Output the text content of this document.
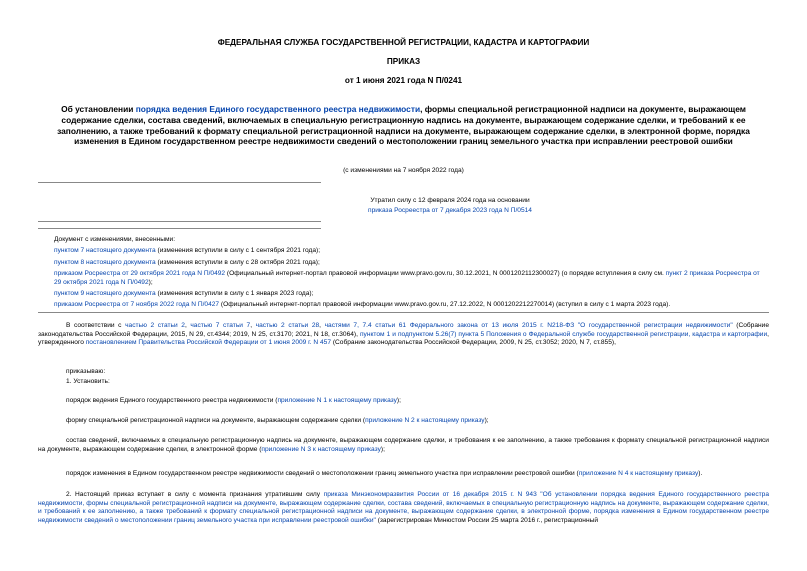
ФЕДЕРАЛЬНАЯ СЛУЖБА ГОСУДАРСТВЕННОЙ РЕГИСТРАЦИИ, КАДАСТРА И КАРТОГРАФИИ
ПРИКАЗ
от 1 июня 2021 года N П/0241
Об установлении порядка ведения Единого государственного реестра недвижимости, формы специальной регистрационной надписи на документе, выражающем содержание сделки, состава сведений, включаемых в специальную регистрационную надпись на документе, выражающем содержание сделки, и требований к ее заполнению, а также требований к формату специальной регистрационной надписи на документе, выражающем содержание сделки, в электронной форме, порядка изменения в Едином государственном реестре недвижимости сведений о местоположении границ земельного участка при исправлении реестровой ошибки
(с изменениями на 7 ноября 2022 года)
Утратил силу с 12 февраля 2024 года на основании
приказа Росреестра от 7 декабря 2023 года N П/0514

Документ с изменениями, внесенными:

пунктом 7 настоящего документа (изменения вступили в силу с 1 сентября 2021 года);

пунктом 8 настоящего документа (изменения вступили в силу с 28 октября 2021 года);

приказом Росреестра от 29 октября 2021 года N П/0492 (Официальный интернет-портал правовой информации www.pravo.gov.ru, 30.12.2021, N 0001202112300027) (о порядке вступления в силу см. пункт 2 приказа Росреестра от 29 октября 2021 года N П/0492);

пунктом 9 настоящего документа (изменения вступили в силу с 1 января 2023 года);

приказом Росреестра от 7 ноября 2022 года N П/0427 (Официальный интернет-портал правовой информации www.pravo.gov.ru, 27.12.2022, N 0001202212270014) (вступил в силу с 1 марта 2023 года).

В соответствии с частью 2 статьи 2, частью 7 статьи 7, частью 2 статьи 28, частями 7, 7.4 статьи 61 Федерального закона от 13 июля 2015 г. N218-ФЗ "О государственной регистрации недвижимости" (Собрание законодательства Российской Федерации, 2015, N 29, ст.4344; 2019, N 25, ст.3170; 2021, N 18, ст.3064), пунктом 1 и подпунктом 5.26(7) пункта 5 Положения о Федеральной службе государственной регистрации, кадастра и картографии, утвержденного постановлением Правительства Российской Федерации от 1 июня 2009 г. N 457 (Собрание законодательства Российской Федерации, 2009, N 25, ст.3052; 2020, N 7, ст.855),
приказываю:
1. Установить:
порядок ведения Единого государственного реестра недвижимости (приложение N 1 к настоящему приказу);
форму специальной регистрационной надписи на документе, выражающем содержание сделки (приложение N 2 к настоящему приказу);
состав сведений, включаемых в специальную регистрационную надпись на документе, выражающем содержание сделки, и требования к ее заполнению, а также требования к формату специальной регистрационной надписи на документе, выражающем содержание сделки, в электронной форме (приложение N 3 к настоящему приказу);
порядок изменения в Едином государственном реестре недвижимости сведений о местоположении границ земельного участка при исправлении реестровой ошибки (приложение N 4 к настоящему приказу).
2. Настоящий приказ вступает в силу с момента признания утратившим силу приказа Минэкономразвития России от 16 декабря 2015 г. N 943 "Об установлении порядка ведения Единого государственного реестра недвижимости, формы специальной регистрационной надписи на документе, выражающем содержание сделки, состава сведений, включаемых в специальную регистрационную надпись на документе, выражающем содержание сделки, и требований к ее заполнению, а также требований к формату специальной регистрационной надписи на документе, выражающем содержание сделки, в электронной форме, порядка изменения в Едином государственном реестре недвижимости сведений о местоположении границ земельного участка при исправлении реестровой ошибки" (зарегистрирован Минюстом России 25 марта 2016 г., регистрационный
